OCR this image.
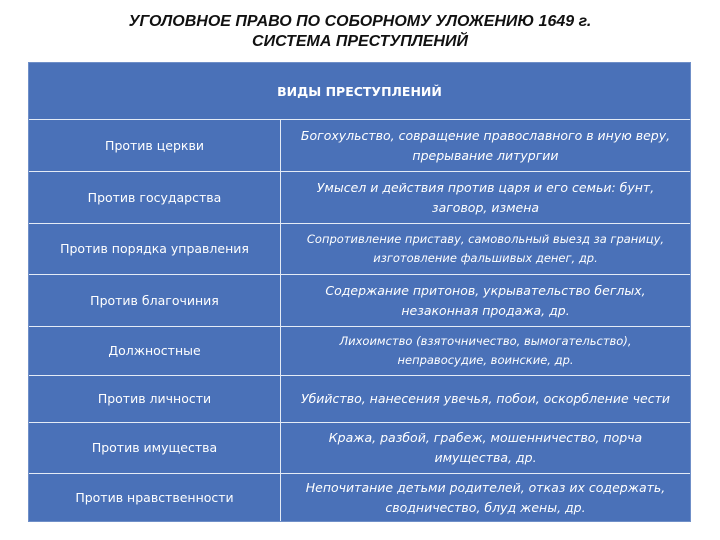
УГОЛОВНОЕ ПРАВО ПО СОБОРНОМУ УЛОЖЕНИЮ 1649 г.
СИСТЕМА ПРЕСТУПЛЕНИЙ
ВИДЫ ПРЕСТУПЛЕНИЙ
Против церкви
Богохульство, совращение православного в иную веру, прерывание литургии
Против государства
Умысел и действия против царя и его семьи: бунт, заговор, измена
Против порядка управления
Сопротивление приставу, самовольный выезд за границу, изготовление фальшивых денег, др.
Против благочиния
Содержание притонов, укрывательство беглых, незаконная продажа, др.
Должностные
Лихоимство (взяточничество, вымогательство), неправосудие, воинские, др.
Против личности	Убийство, нанесения увечья, побои, оскорбление чести
Против имущества
Кража, разбой, грабеж, мошенничество, порча имущества, др.
Против нравственности
Непочитание детьми родителей, отказ их содержать, сводничество, блуд жены, др.
